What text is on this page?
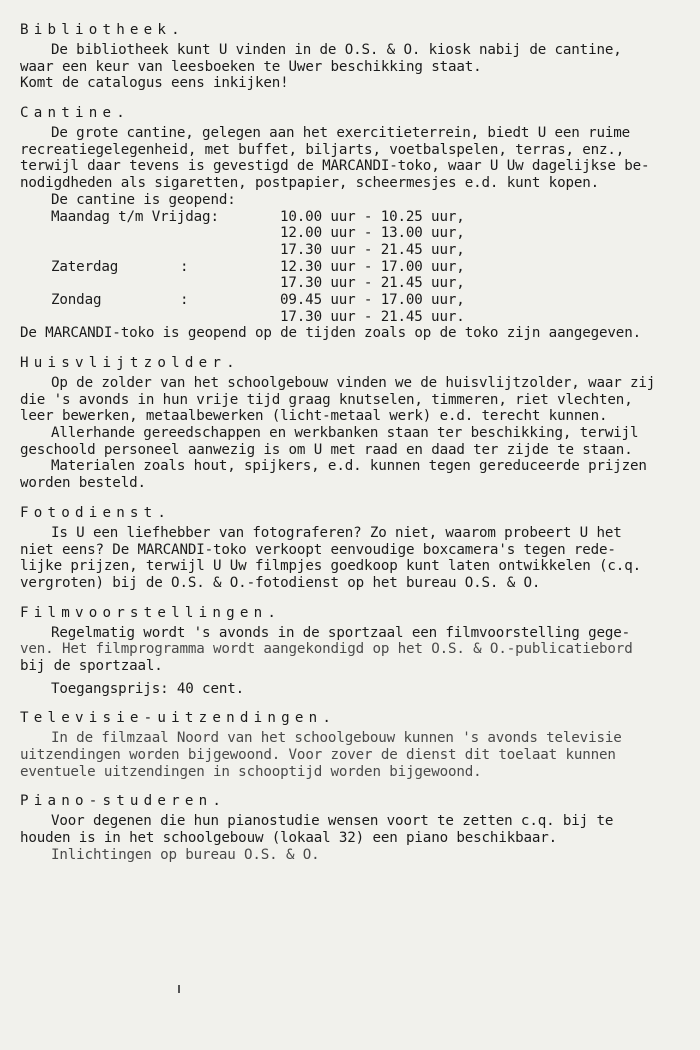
Bibliotheek.
De bibliotheek kunt U vinden in de O.S. & O. kiosk nabij de cantine,
waar een keur van leesboeken te Uwer beschikking staat.
Komt de catalogus eens inkijken!
Cantine.
De grote cantine, gelegen aan het exercitieterrein, biedt U een ruime
recreatiegelegenheid, met buffet, biljarts, voetbalspelen, terras, enz.,
terwijl daar tevens is gevestigd de MARCANDI-toko, waar U Uw dagelijkse be-
nodigdheden als sigaretten, postpapier, scheermesjes e.d. kunt kopen.
De cantine is geopend:
Maandag t/m Vrijdag:	10.00 uur - 10.25 uur,
12.00 uur - 13.00 uur,
17.30 uur - 21.45 uur,
Zaterdag	:	12.30 uur - 17.00 uur,
17.30 uur - 21.45 uur,
Zondag	:	09.45 uur - 17.00 uur,
17.30 uur - 21.45 uur.
De MARCANDI-toko is geopend op de tijden zoals op de toko zijn aangegeven.
Huisvlijtzolder.
Op de zolder van het schoolgebouw vinden we de huisvlijtzolder, waar zij
die 's avonds in hun vrije tijd graag knutselen, timmeren, riet vlechten,
leer bewerken, metaalbewerken (licht-metaal werk) e.d. terecht kunnen.
Allerhande gereedschappen en werkbanken staan ter beschikking, terwijl
geschoold personeel aanwezig is om U met raad en daad ter zijde te staan.
Materialen zoals hout, spijkers, e.d. kunnen tegen gereduceerde prijzen
worden besteld.
Fotodienst.
Is U een liefhebber van fotograferen? Zo niet, waarom probeert U het
niet eens? De MARCANDI-toko verkoopt eenvoudige boxcamera's tegen rede-
lijke prijzen, terwijl U Uw filmpjes goedkoop kunt laten ontwikkelen (c.q.
vergroten) bij de O.S. & O.-fotodienst op het bureau O.S. & O.
Filmvoorstellingen.
Regelmatig wordt 's avonds in de sportzaal een filmvoorstelling gege-
ven. Het filmprogramma wordt aangekondigd op het O.S. & O.-publicatiebord
bij de sportzaal.
Toegangsprijs: 40 cent.
Televisie-uitzendingen.
In de filmzaal Noord van het schoolgebouw kunnen 's avonds televisie
uitzendingen worden bijgewoond. Voor zover de dienst dit toelaat kunnen
eventuele uitzendingen in schooptijd worden bijgewoond.
Piano-studeren.
Voor degenen die hun pianostudie wensen voort te zetten c.q. bij te
houden is in het schoolgebouw (lokaal 32) een piano beschikbaar.
Inlichtingen op bureau O.S. & O.
